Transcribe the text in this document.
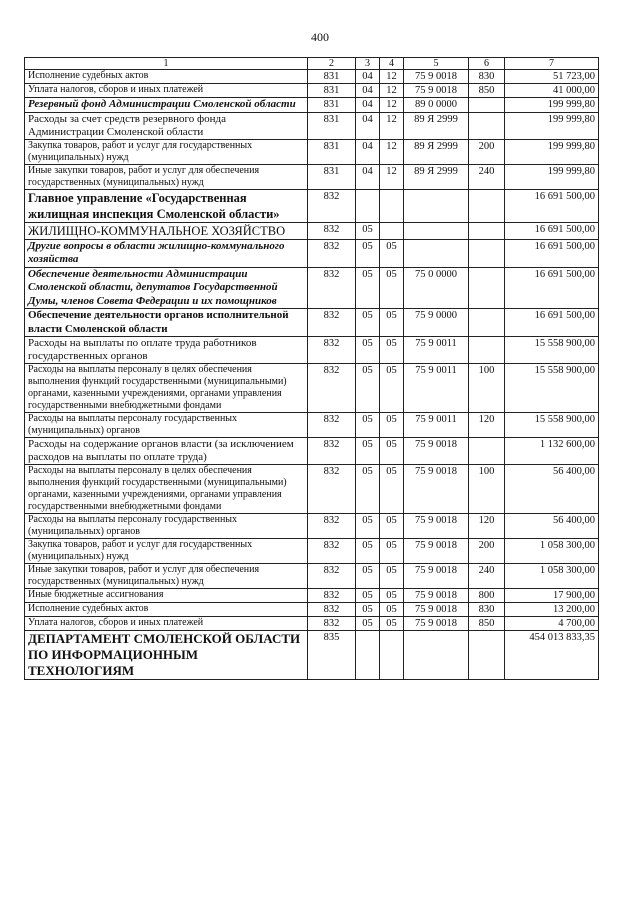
400
1	2	3	4	5	6	7
Исполнение судебных актов	831	04	12	75 9 0018	830	51 723,00
Уплата налогов, сборов и иных платежей	831	04	12	75 9 0018	850	41 000,00
Резервный фонд Администрации Смоленской области	831	04	12	89 0 0000		199 999,80
Расходы за счет средств резервного фонда Администрации Смоленской области	831	04	12	89 Я 2999		199 999,80
Закупка товаров, работ и услуг для государственных (муниципальных) нужд	831	04	12	89 Я 2999	200	199 999,80
Иные закупки товаров, работ и услуг для обеспечения государственных (муниципальных) нужд	831	04	12	89 Я 2999	240	199 999,80
Главное управление «Государственная жилищная инспекция Смоленской области»	832					16 691 500,00
ЖИЛИЩНО-КОММУНАЛЬНОЕ ХОЗЯЙСТВО	832	05				16 691 500,00
Другие вопросы в области жилищно-коммунального хозяйства	832	05	05			16 691 500,00
Обеспечение деятельности Администрации Смоленской области, депутатов Государственной Думы, членов Совета Федерации и их помощников	832	05	05	75 0 0000		16 691 500,00
Обеспечение деятельности органов исполнительной власти Смоленской области	832	05	05	75 9 0000		16 691 500,00
Расходы на выплаты по оплате труда работников государственных органов	832	05	05	75 9 0011		15 558 900,00
Расходы на выплаты персоналу в целях обеспечения выполнения функций государственными (муниципальными) органами, казенными учреждениями, органами управления государственными внебюджетными фондами	832	05	05	75 9 0011	100	15 558 900,00
Расходы на выплаты персоналу государственных (муниципальных) органов	832	05	05	75 9 0011	120	15 558 900,00
Расходы на содержание органов власти (за исключением расходов на выплаты по оплате труда)	832	05	05	75 9 0018		1 132 600,00
Расходы на выплаты персоналу в целях обеспечения выполнения функций государственными (муниципальными) органами, казенными учреждениями, органами управления государственными внебюджетными фондами	832	05	05	75 9 0018	100	56 400,00
Расходы на выплаты персоналу государственных (муниципальных) органов	832	05	05	75 9 0018	120	56 400,00
Закупка товаров, работ и услуг для государственных (муниципальных) нужд	832	05	05	75 9 0018	200	1 058 300,00
Иные закупки товаров, работ и услуг для обеспечения государственных (муниципальных) нужд	832	05	05	75 9 0018	240	1 058 300,00
Иные бюджетные ассигнования	832	05	05	75 9 0018	800	17 900,00
Исполнение судебных актов	832	05	05	75 9 0018	830	13 200,00
Уплата налогов, сборов и иных платежей	832	05	05	75 9 0018	850	4 700,00
ДЕПАРТАМЕНТ СМОЛЕНСКОЙ ОБЛАСТИ ПО ИНФОРМАЦИОННЫМ ТЕХНОЛОГИЯМ	835					454 013 833,35
